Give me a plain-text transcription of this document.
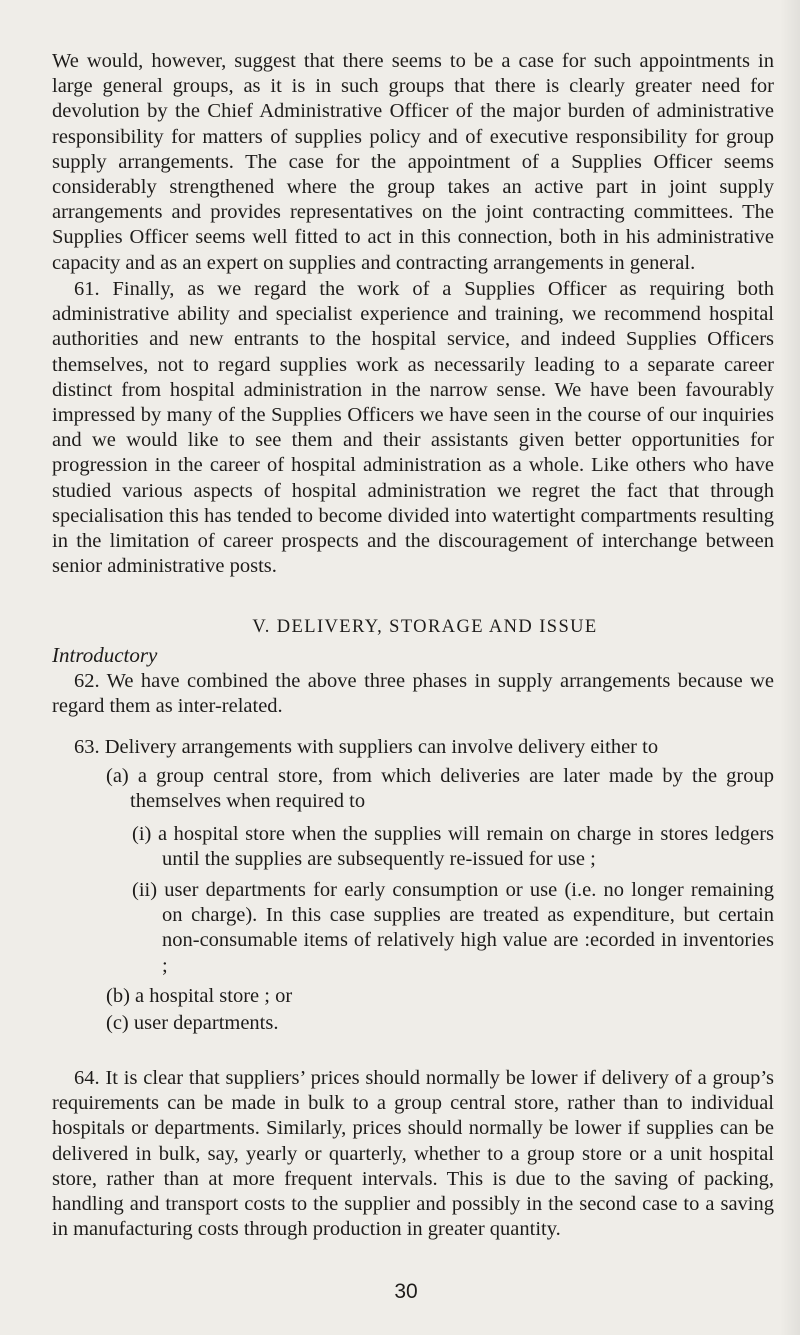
We would, however, suggest that there seems to be a case for such appointments in large general groups, as it is in such groups that there is clearly greater need for devolution by the Chief Administrative Officer of the major burden of administrative responsibility for matters of supplies policy and of executive responsibility for group supply arrangements. The case for the appointment of a Supplies Officer seems considerably strengthened where the group takes an active part in joint supply arrangements and provides representatives on the joint contracting committees. The Supplies Officer seems well fitted to act in this connection, both in his administrative capacity and as an expert on supplies and contracting arrangements in general.

61. Finally, as we regard the work of a Supplies Officer as requiring both administrative ability and specialist experience and training, we recommend hospital authorities and new entrants to the hospital service, and indeed Supplies Officers themselves, not to regard supplies work as necessarily leading to a separate career distinct from hospital administration in the narrow sense. We have been favourably impressed by many of the Supplies Officers we have seen in the course of our inquiries and we would like to see them and their assistants given better opportunities for progression in the career of hospital administration as a whole. Like others who have studied various aspects of hospital administration we regret the fact that through specialisation this has tended to become divided into watertight compartments resulting in the limitation of career prospects and the discouragement of interchange between senior administrative posts.

V. DELIVERY, STORAGE AND ISSUE
Introductory

62. We have combined the above three phases in supply arrangements because we regard them as inter-related.

63. Delivery arrangements with suppliers can involve delivery either to

(a) a group central store, from which deliveries are later made by the group themselves when required to

(i) a hospital store when the supplies will remain on charge in stores ledgers until the supplies are subsequently re-issued for use ;

(ii) user departments for early consumption or use (i.e. no longer remaining on charge). In this case supplies are treated as expenditure, but certain non-consumable items of relatively high value are :ecorded in inventories ;

(b) a hospital store ; or

(c) user departments.

64. It is clear that suppliers’ prices should normally be lower if delivery of a group’s requirements can be made in bulk to a group central store, rather than to individual hospitals or departments. Similarly, prices should normally be lower if supplies can be delivered in bulk, say, yearly or quarterly, whether to a group store or a unit hospital store, rather than at more frequent intervals. This is due to the saving of packing, handling and transport costs to the supplier and possibly in the second case to a saving in manufacturing costs through production in greater quantity.

30
